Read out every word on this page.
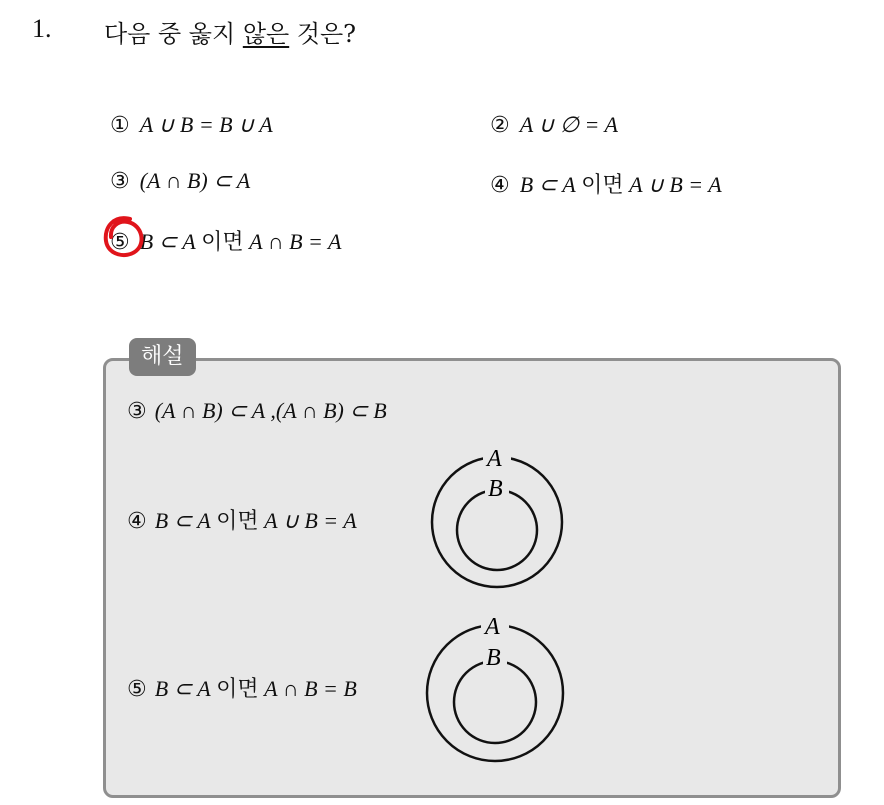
1. 다음 중 옳지 않은 것은?
① A ∪ B = B ∪ A	② A ∪ ∅ = A
③ (A ∩ B) ⊂ A	④ B ⊂ A 이면 A ∪ B = A
⑤ B ⊂ A 이면 A ∩ B = A
해설
③ (A ∩ B) ⊂ A ,(A ∩ B) ⊂ B
④ B ⊂ A 이면 A ∪ B = A
⑤ B ⊂ A 이면 A ∩ B = B
A
B
A
B
